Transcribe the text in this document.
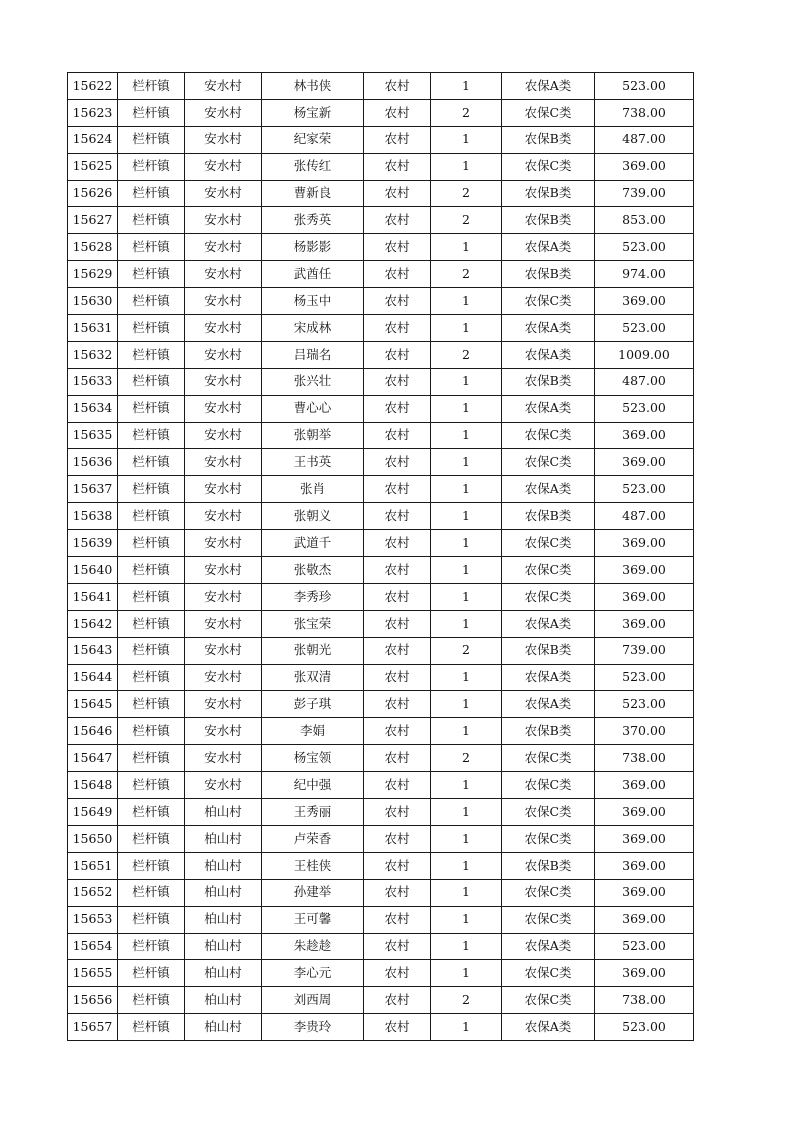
15622	栏杆镇	安水村	林书侠	农村	1	农保A类	523.00
15623	栏杆镇	安水村	杨宝新	农村	2	农保C类	738.00
15624	栏杆镇	安水村	纪家荣	农村	1	农保B类	487.00
15625	栏杆镇	安水村	张传红	农村	1	农保C类	369.00
15626	栏杆镇	安水村	曹新良	农村	2	农保B类	739.00
15627	栏杆镇	安水村	张秀英	农村	2	农保B类	853.00
15628	栏杆镇	安水村	杨影影	农村	1	农保A类	523.00
15629	栏杆镇	安水村	武酋任	农村	2	农保B类	974.00
15630	栏杆镇	安水村	杨玉中	农村	1	农保C类	369.00
15631	栏杆镇	安水村	宋成林	农村	1	农保A类	523.00
15632	栏杆镇	安水村	吕瑞名	农村	2	农保A类	1009.00
15633	栏杆镇	安水村	张兴壮	农村	1	农保B类	487.00
15634	栏杆镇	安水村	曹心心	农村	1	农保A类	523.00
15635	栏杆镇	安水村	张朝举	农村	1	农保C类	369.00
15636	栏杆镇	安水村	王书英	农村	1	农保C类	369.00
15637	栏杆镇	安水村	张肖	农村	1	农保A类	523.00
15638	栏杆镇	安水村	张朝义	农村	1	农保B类	487.00
15639	栏杆镇	安水村	武道千	农村	1	农保C类	369.00
15640	栏杆镇	安水村	张敬杰	农村	1	农保C类	369.00
15641	栏杆镇	安水村	李秀珍	农村	1	农保C类	369.00
15642	栏杆镇	安水村	张宝荣	农村	1	农保A类	369.00
15643	栏杆镇	安水村	张朝光	农村	2	农保B类	739.00
15644	栏杆镇	安水村	张双清	农村	1	农保A类	523.00
15645	栏杆镇	安水村	彭子琪	农村	1	农保A类	523.00
15646	栏杆镇	安水村	李娟	农村	1	农保B类	370.00
15647	栏杆镇	安水村	杨宝领	农村	2	农保C类	738.00
15648	栏杆镇	安水村	纪中强	农村	1	农保C类	369.00
15649	栏杆镇	柏山村	王秀丽	农村	1	农保C类	369.00
15650	栏杆镇	柏山村	卢荣香	农村	1	农保C类	369.00
15651	栏杆镇	柏山村	王桂侠	农村	1	农保B类	369.00
15652	栏杆镇	柏山村	孙建举	农村	1	农保C类	369.00
15653	栏杆镇	柏山村	王可馨	农村	1	农保C类	369.00
15654	栏杆镇	柏山村	朱趁趁	农村	1	农保A类	523.00
15655	栏杆镇	柏山村	李心元	农村	1	农保C类	369.00
15656	栏杆镇	柏山村	刘西周	农村	2	农保C类	738.00
15657	栏杆镇	柏山村	李贵玲	农村	1	农保A类	523.00
